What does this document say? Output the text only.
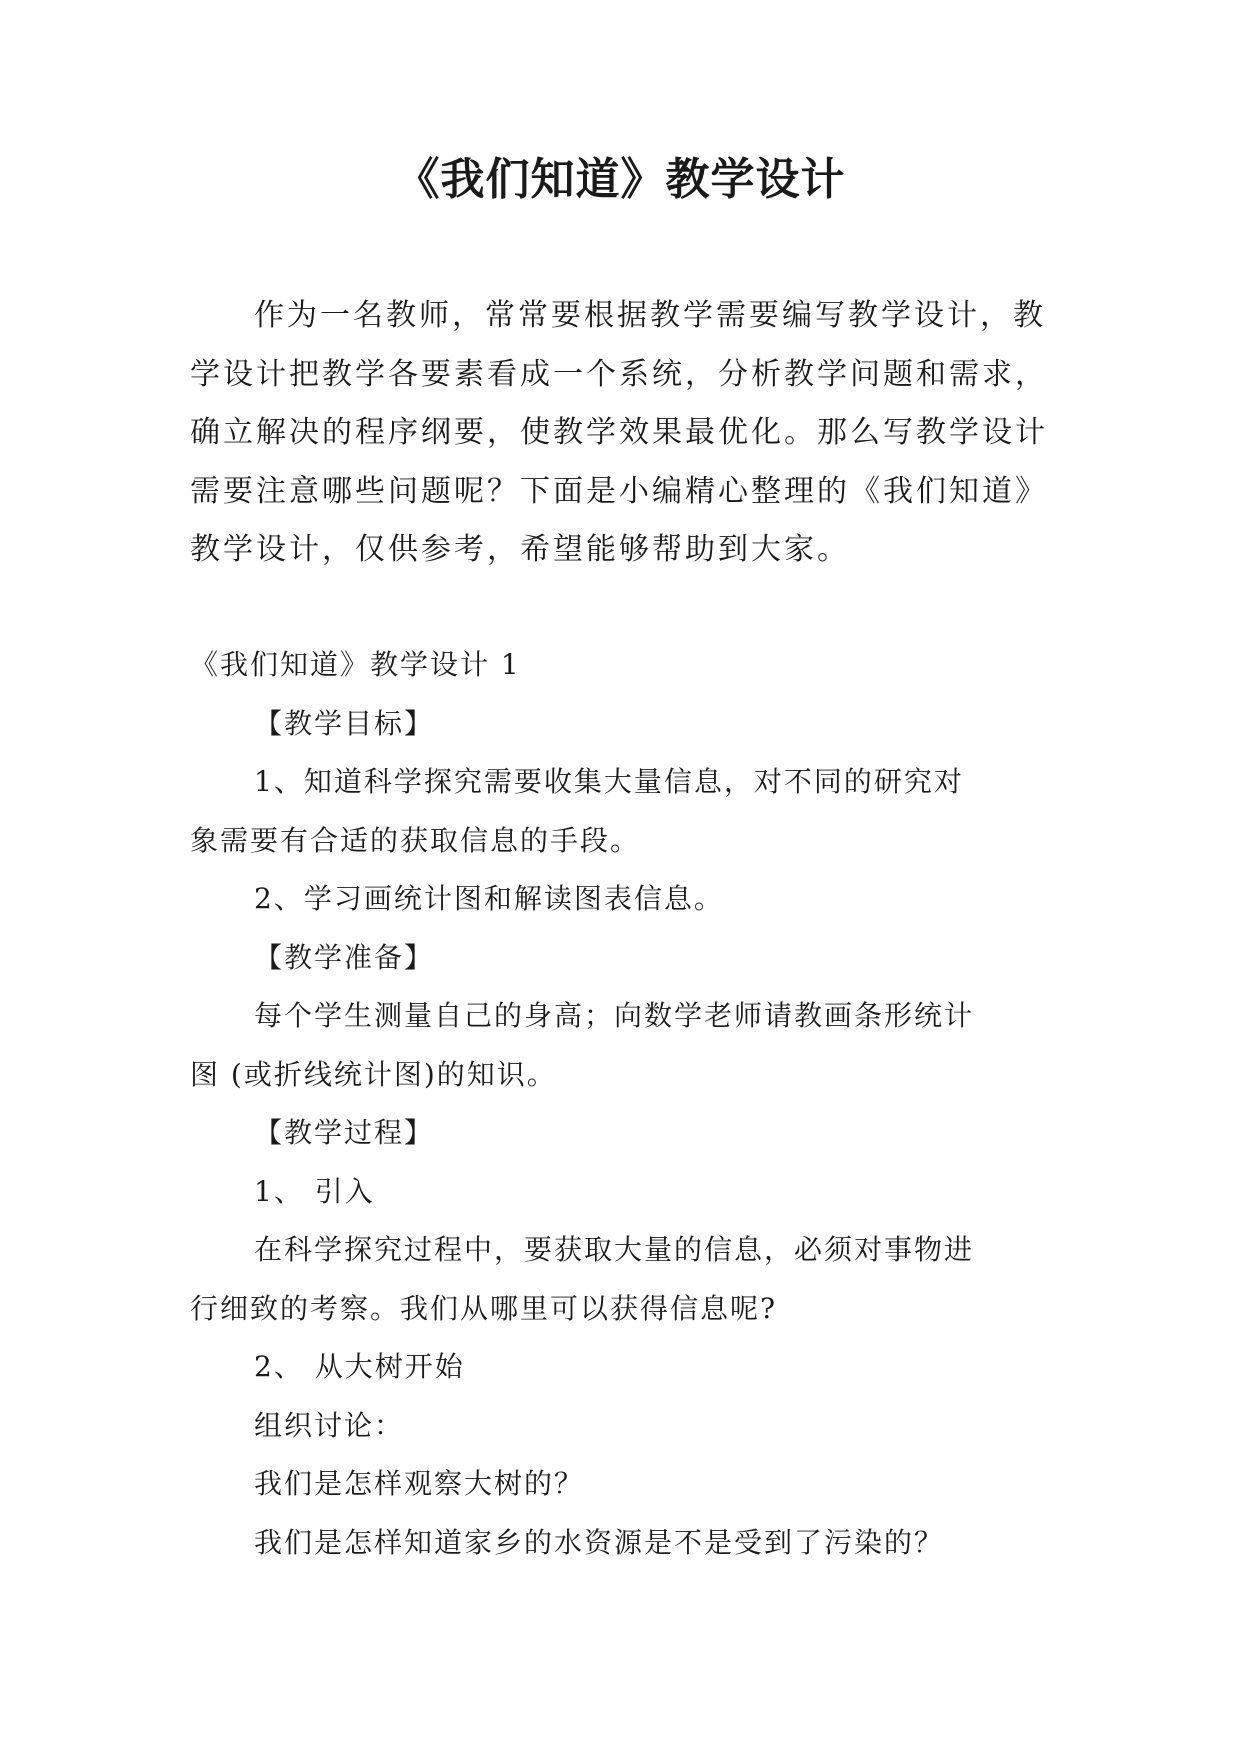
《我们知道》教学设计

作为一名教师，常常要根据教学需要编写教学设计，教
学设计把教学各要素看成一个系统，分析教学问题和需求，
确立解决的程序纲要，使教学效果最优化。那么写教学设计
需要注意哪些问题呢？下面是小编精心整理的《我们知道》
教学设计，仅供参考，希望能够帮助到大家。

《我们知道》教学设计 1
【教学目标】
1、知道科学探究需要收集大量信息，对不同的研究对
象需要有合适的获取信息的手段。
2、学习画统计图和解读图表信息。
【教学准备】
每个学生测量自己的身高；向数学老师请教画条形统计
图 (或折线统计图)的知识。
【教学过程】
1、 引入
在科学探究过程中，要获取大量的信息，必须对事物进
行细致的考察。我们从哪里可以获得信息呢?
2、 从大树开始
组织讨论：
我们是怎样观察大树的？
我们是怎样知道家乡的水资源是不是受到了污染的？
